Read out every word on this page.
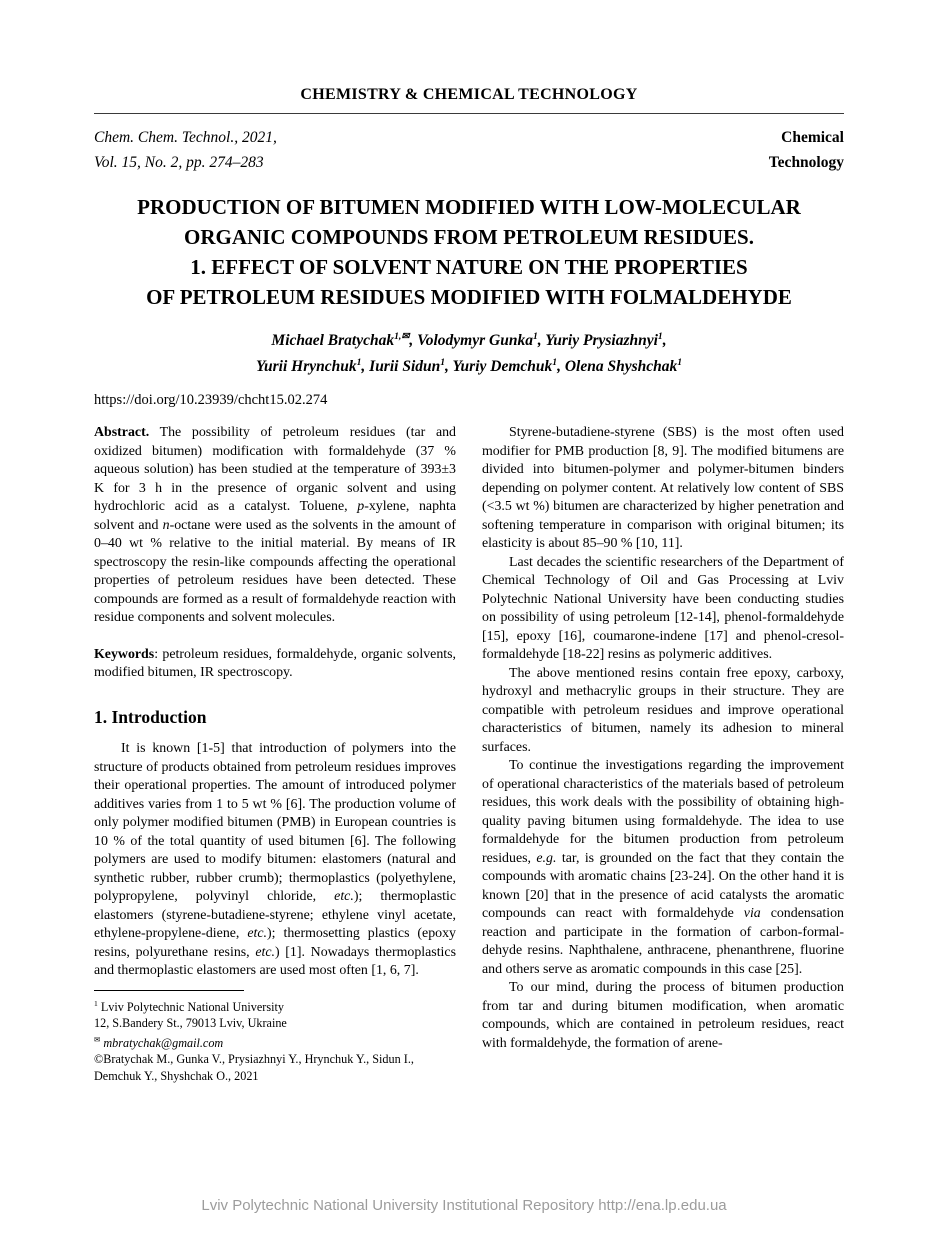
CHEMISTRY & CHEMICAL TECHNOLOGY
Chem. Chem. Technol., 2021,
Vol. 15, No. 2, pp. 274–283
Chemical
Technology
PRODUCTION OF BITUMEN MODIFIED WITH LOW-MOLECULAR
ORGANIC COMPOUNDS FROM PETROLEUM RESIDUES.
1. EFFECT OF SOLVENT NATURE ON THE PROPERTIES
OF PETROLEUM RESIDUES MODIFIED WITH FOLMALDEHYDE
Michael Bratychak$^{1,✉}$, Volodymyr Gunka$^1$, Yuriy Prysiazhnyi$^1$,
Yurii Hrynchuk$^1$, Iurii Sidun$^1$, Yuriy Demchuk$^1$, Olena Shyshchak$^1$
https://doi.org/10.23939/chcht15.02.274

Abstract. The possibility of petroleum residues (tar and oxidized bitumen) modification with formaldehyde (37 % aqueous solution) has been studied at the temperature of 393±3 K for 3 h in the presence of organic solvent and using hydrochloric acid as a catalyst. Toluene, p-xylene, naphta solvent and n-octane were used as the solvents in the amount of 0–40 wt % relative to the initial material. By means of IR spectroscopy the resin-like compounds affecting the operational properties of petroleum residues have been detected. These compounds are formed as a result of formaldehyde reaction with residue components and solvent molecules.

Keywords: petroleum residues, formaldehyde, organic solvents, modified bitumen, IR spectroscopy.

1. Introduction

It is known [1-5] that introduction of polymers into the structure of products obtained from petroleum residues improves their operational properties. The amount of introduced polymer additives varies from 1 to 5 wt % [6]. The production volume of only polymer modified bitumen (PMB) in European countries is 10 % of the total quantity of used bitumen [6]. The following polymers are used to modify bitumen: elastomers (natural and synthetic rubber, rubber crumb); thermoplastics (polyethylene, polypropylene, polyvinyl chloride, etc.); thermoplastic elastomers (styrene-butadiene-styrene; ethylene vinyl acetate, ethylene-propylene-diene, etc.); thermosetting plastics (epoxy resins, polyurethane resins, etc.) [1]. Nowadays thermoplastics and thermoplastic elastomers are used most often [1, 6, 7].

$^1$ Lviv Polytechnic National University
12, S.Bandery St., 79013 Lviv, Ukraine
✉ mbratychak@gmail.com
©Bratychak M., Gunka V., Prysiazhnyi Y., Hrynchuk Y., Sidun I., Demchuk Y., Shyshchak O., 2021

Styrene-butadiene-styrene (SBS) is the most often used modifier for PMB production [8, 9]. The modified bitumens are divided into bitumen-polymer and polymer-bitumen binders depending on polymer content. At relatively low content of SBS (<3.5 wt %) bitumen are characterized by higher penetration and softening temperature in comparison with original bitumen; its elasticity is about 85–90 % [10, 11].

Last decades the scientific researchers of the Department of Chemical Technology of Oil and Gas Processing at Lviv Polytechnic National University have been conducting studies on possibility of using petroleum [12-14], phenol-formaldehyde [15], epoxy [16], coumarone-indene [17] and phenol-cresol-formaldehyde [18-22] resins as polymeric additives.

The above mentioned resins contain free epoxy, carboxy, hydroxyl and methacrylic groups in their structure. They are compatible with petroleum residues and improve operational characteristics of bitumen, namely its adhesion to mineral surfaces.

To continue the investigations regarding the improvement of operational characteristics of the materials based of petroleum residues, this work deals with the possibility of obtaining high-quality paving bitumen using formaldehyde. The idea to use formaldehyde for the bitumen production from petroleum residues, e.g. tar, is grounded on the fact that they contain the compounds with aromatic chains [23-24]. On the other hand it is known [20] that in the presence of acid catalysts the aromatic compounds can react with formaldehyde via condensation reaction and participate in the formation of carbon-formal-dehyde resins. Naphthalene, anthracene, phenanthrene, fluorine and others serve as aromatic compounds in this case [25].

To our mind, during the process of bitumen production from tar and during bitumen modification, when aromatic compounds, which are contained in petroleum residues, react with formaldehyde, the formation of arene-

Lviv Polytechnic National University Institutional Repository http://ena.lp.edu.ua
